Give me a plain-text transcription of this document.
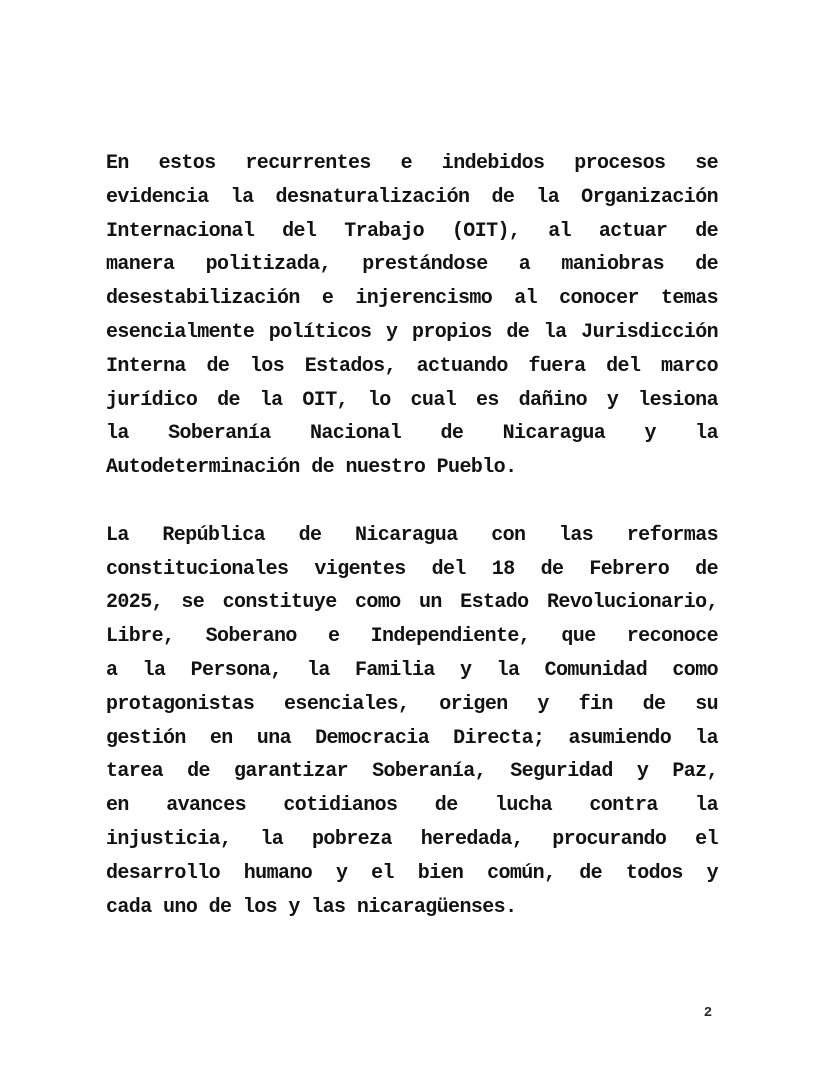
En estos recurrentes e indebidos procesos se
evidencia la desnaturalización de la Organización
Internacional del Trabajo (OIT), al actuar de
manera politizada, prestándose a maniobras de
desestabilización e injerencismo al conocer temas
esencialmente políticos y propios de la Jurisdicción
Interna de los Estados, actuando fuera del marco
jurídico de la OIT, lo cual es dañino y lesiona
la Soberanía Nacional de Nicaragua y la
Autodeterminación de nuestro Pueblo.
La República de Nicaragua con las reformas
constitucionales vigentes del 18 de Febrero de
2025, se constituye como un Estado Revolucionario,
Libre, Soberano e Independiente, que reconoce
a la Persona, la Familia y la Comunidad como
protagonistas esenciales, origen y fin de su
gestión en una Democracia Directa; asumiendo la
tarea de garantizar Soberanía, Seguridad y Paz,
en avances cotidianos de lucha contra la
injusticia, la pobreza heredada, procurando el
desarrollo humano y el bien común, de todos y
cada uno de los y las nicaragüenses.
2
